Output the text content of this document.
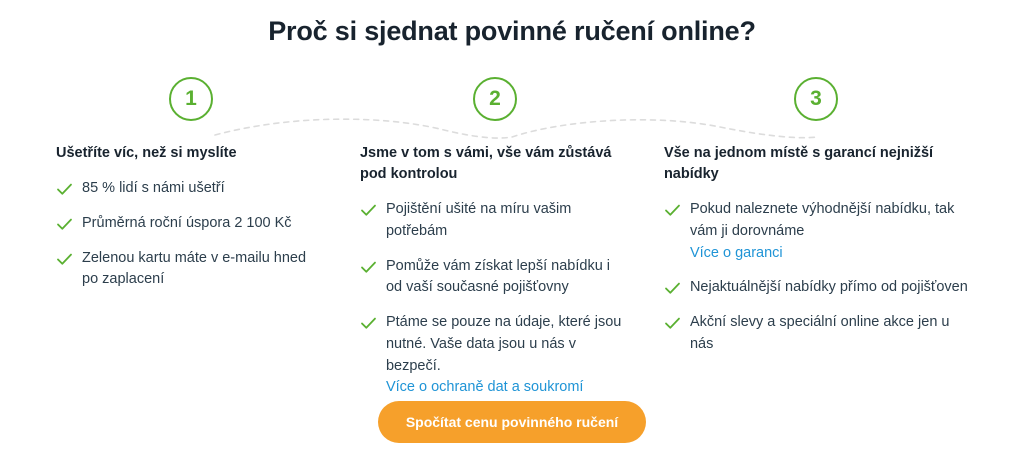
Proč si sjednat povinné ručení online?
1
Ušetříte víc, než si myslíte
85 % lidí s námi ušetří
Průměrná roční úspora 2 100 Kč
Zelenou kartu máte v e-mailu hned po zaplacení
2
Jsme v tom s vámi, vše vám zůstává pod kontrolou
Pojištění ušité na míru vašim potřebám
Pomůže vám získat lepší nabídku i od vaší současné pojišťovny
Ptáme se pouze na údaje, které jsou nutné. Vaše data jsou u nás v bezpečí.
Více o ochraně dat a soukromí
3
Vše na jednom místě s garancí nejnižší nabídky
Pokud naleznete výhodnější nabídku, tak vám ji dorovnáme
Více o garanci
Nejaktuálnější nabídky přímo od pojišťoven
Akční slevy a speciální online akce jen u nás
Spočítat cenu povinného ručení
